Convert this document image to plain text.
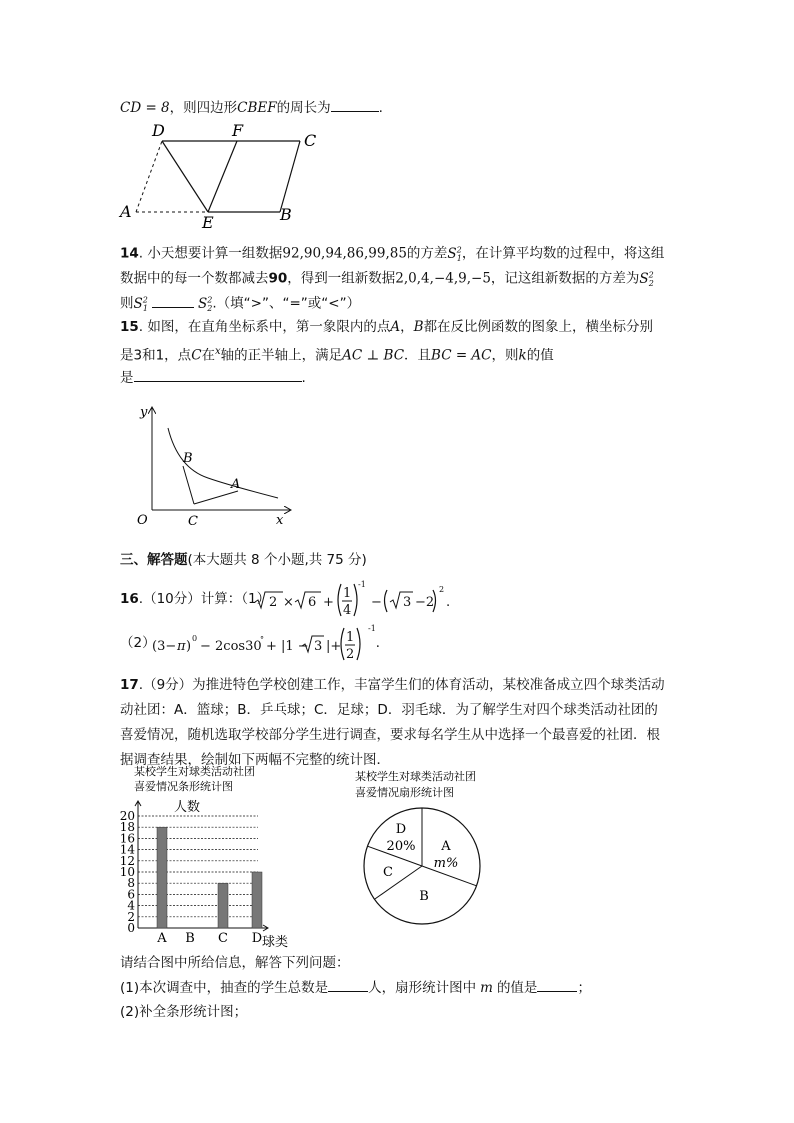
CD = 8，则四边形CBEF的周长为	.
D	F
C
A
E	B
14. 小天想要计算一组数据92,90,94,86,99,85的方差$S^2_1$，在计算平均数的过程中，将这组
数据中的每一个数都减去90，得到一组新数据2,0,4,−4,9,−5，记这组新数据的方差为$S^2_2$
则$S^2_1$	$S^2_2$.（填“>”、“=”或“<”）
15. 如图，在直角坐标系中，第一象限内的点A，B都在反比例函数的图象上，横坐标分别
是3和1，点C在$^x$轴的正半轴上，满足AC ⊥ BC．且BC = AC，则k的值
是	.
y
x
O
B
A
C
三、解答题(本大题共 8 个小题,共 75 分)
16.（10分）计算：（1）
2 × 6 +
1
4
-1
− 3 −2
2
.
（2）
(3− π )
0
− 2cos30
° + |1 − 3 |+
1
2
-1.
17.（9分）为推进特色学校创建工作，丰富学生们的体育活动，某校准备成立四个球类活动
动社团：A．篮球；B．乒乓球；C．足球；D．羽毛球．为了解学生对四个球类活动社团的
喜爱情况，随机选取学校部分学生进行调查，要求每名学生从中选择一个最喜爱的社团．根
据调查结果，绘制如下两幅不完整的统计图．
某校学生对球类活动社团
喜爱情况条形统计图
人数
球类
0
2
4
6
8
10
12
14
16
18
20
A B C D
某校学生对球类活动社团
喜爱情况扇形统计图
A
m%
B
C
D
20%
请结合图中所给信息，解答下列问题：
(1)本次调查中，抽查的学生总数是	人，扇形统计图中 m 的值是	；
(2)补全条形统计图；
